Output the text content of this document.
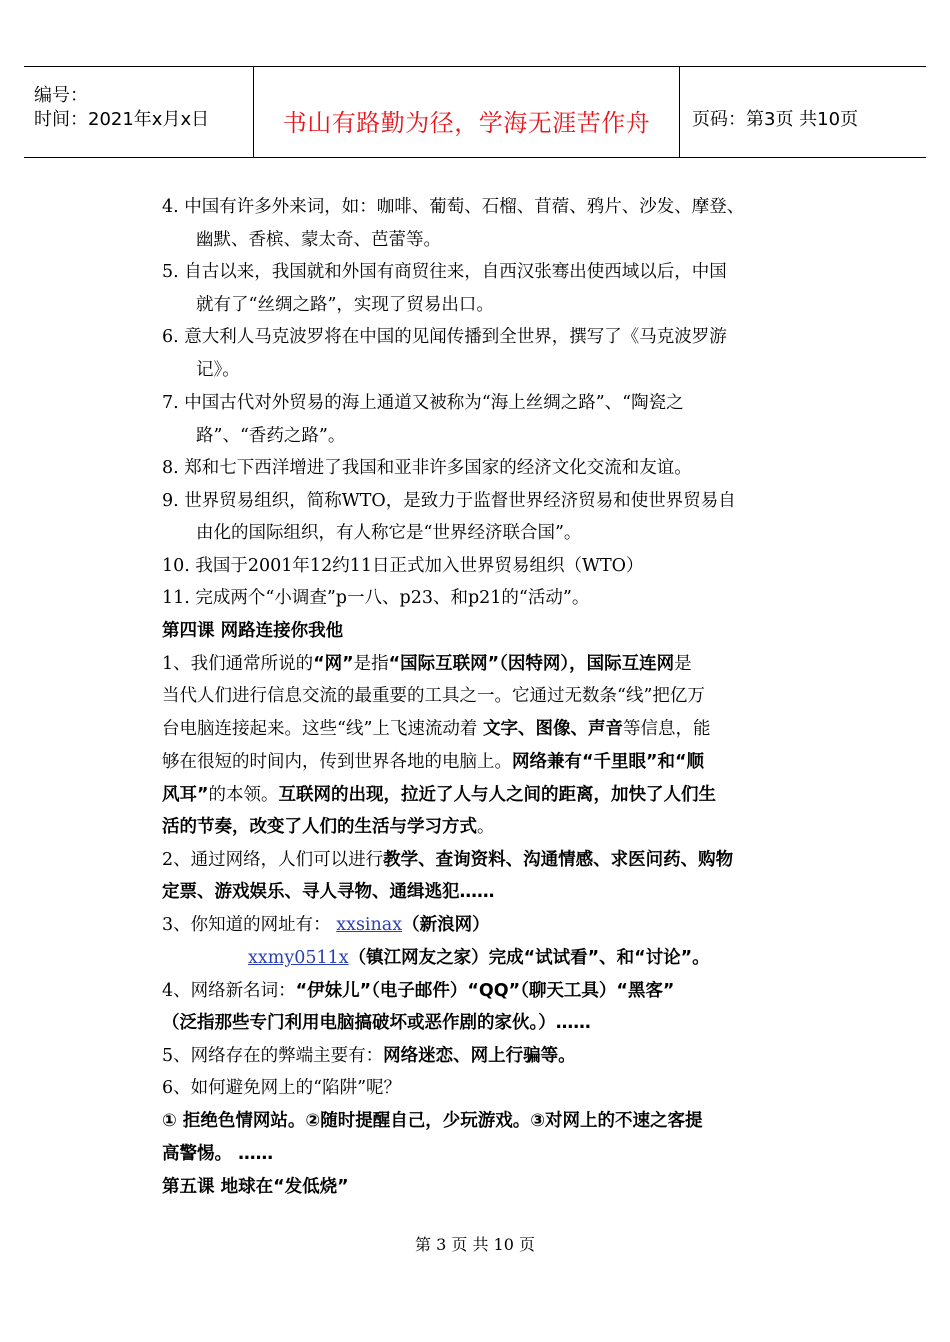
编号：
时间：2021年x月x日	书山有路勤为径，学海无涯苦作舟	页码：第3页 共10页
4. 中国有许多外来词，如：咖啡、葡萄、石榴、苜蓿、鸦片、沙发、摩登、
幽默、香槟、蒙太奇、芭蕾等。
5. 自古以来，我国就和外国有商贸往来，自西汉张骞出使西域以后，中国
就有了“丝绸之路”，实现了贸易出口。
6. 意大利人马克波罗将在中国的见闻传播到全世界，撰写了《马克波罗游
记》。
7. 中国古代对外贸易的海上通道又被称为“海上丝绸之路”、“陶瓷之
路”、“香药之路”。
8. 郑和七下西洋增进了我国和亚非许多国家的经济文化交流和友谊。
9. 世界贸易组织，简称WTO，是致力于监督世界经济贸易和使世界贸易自
由化的国际组织，有人称它是“世界经济联合国”。
10. 我国于2001年12约11日正式加入世界贸易组织（WTO）
11. 完成两个“小调查”p一八、p23、和p21的“活动”。
第四课 网路连接你我他
1、我们通常所说的“网”是指“国际互联网”（因特网），国际互连网是
当代人们进行信息交流的最重要的工具之一。它通过无数条“线”把亿万
台电脑连接起来。这些“线”上飞速流动着 文字、图像、声音等信息，能
够在很短的时间内，传到世界各地的电脑上。网络兼有“千里眼”和“顺
风耳”的本领。互联网的出现，拉近了人与人之间的距离，加快了人们生
活的节奏，改变了人们的生活与学习方式。
2、通过网络，人们可以进行教学、查询资料、沟通情感、求医问药、购物
定票、游戏娱乐、寻人寻物、通缉逃犯……
3、你知道的网址有： xxsinax（新浪网）
xxmy0511x（镇江网友之家）完成“试试看”、和“讨论”。
4、网络新名词：“伊妹儿”（电子邮件）“QQ”（聊天工具）“黑客”
（泛指那些专门利用电脑搞破坏或恶作剧的家伙。）……
5、网络存在的弊端主要有：网络迷恋、网上行骗等。
6、如何避免网上的“陷阱”呢？
① 拒绝色情网站。②随时提醒自己，少玩游戏。③对网上的不速之客提
高警惕。 ……
第五课 地球在“发低烧”
第 3 页 共 10 页
